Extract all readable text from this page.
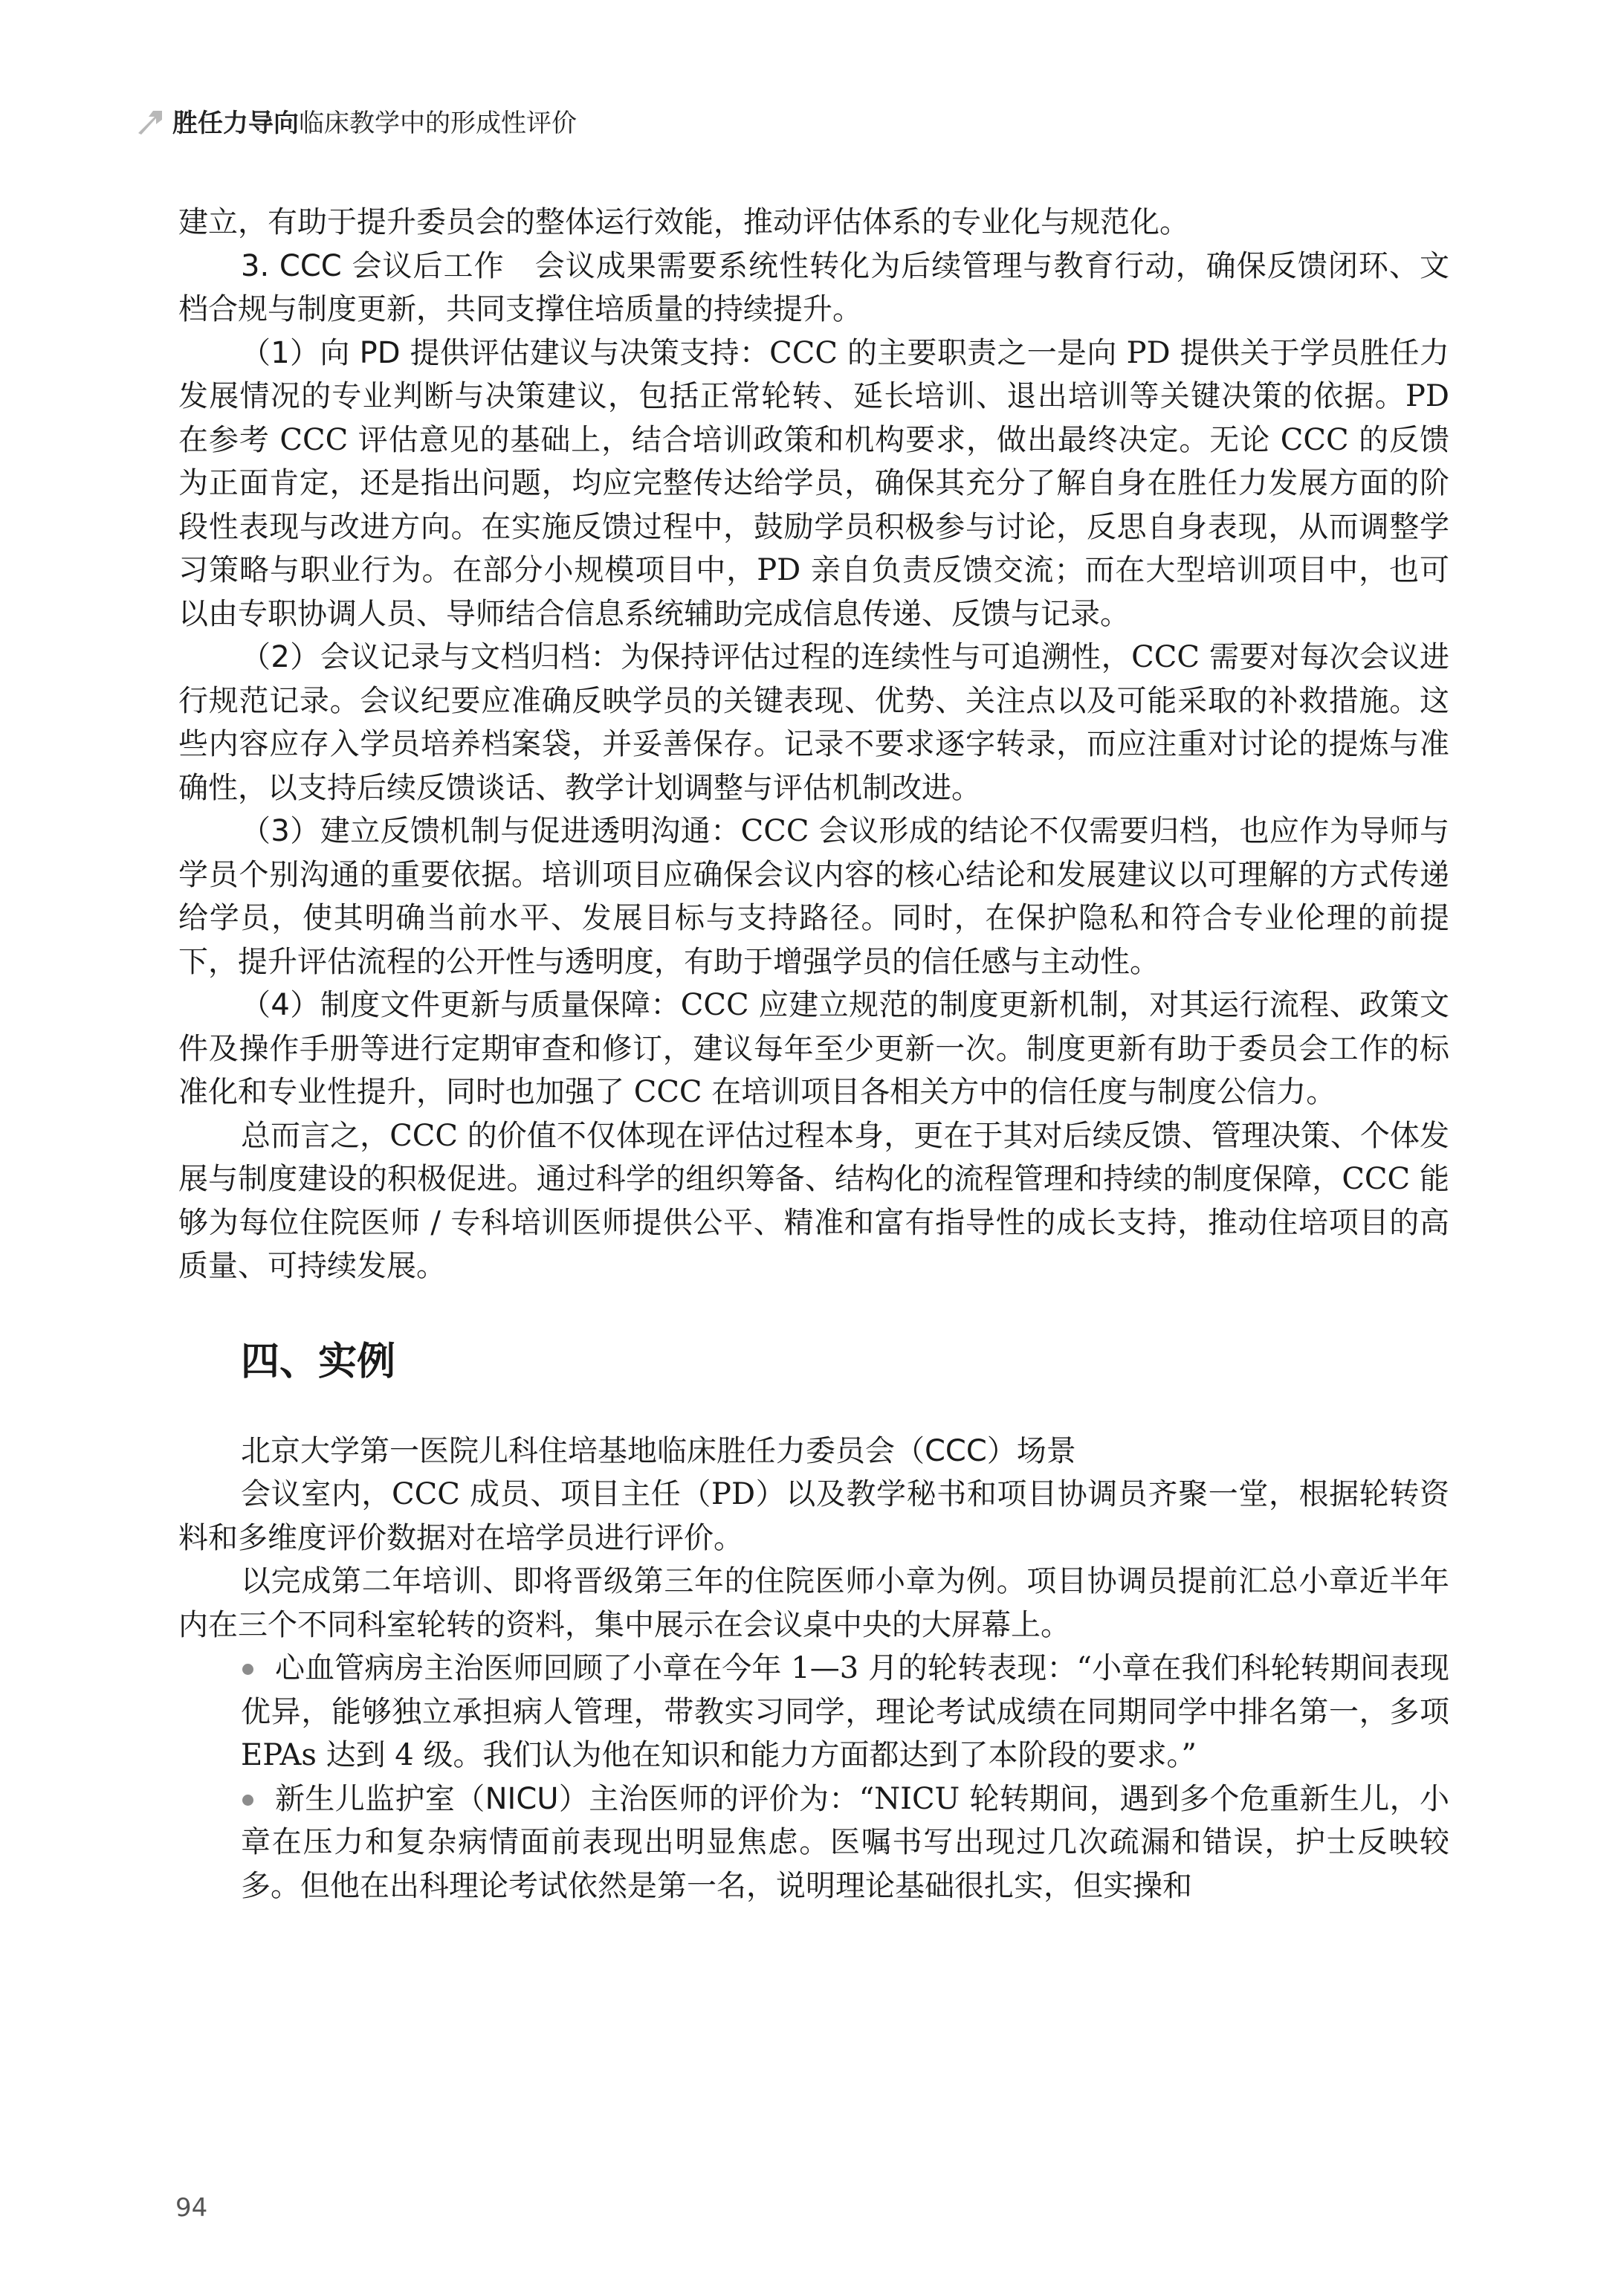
胜任力导向临床教学中的形成性评价

建立，有助于提升委员会的整体运行效能，推动评估体系的专业化与规范化。

3. CCC 会议后工作　会议成果需要系统性转化为后续管理与教育行动，确保反馈闭环、文档合规与制度更新，共同支撑住培质量的持续提升。

（1）向 PD 提供评估建议与决策支持：CCC 的主要职责之一是向 PD 提供关于学员胜任力发展情况的专业判断与决策建议，包括正常轮转、延长培训、退出培训等关键决策的依据。PD 在参考 CCC 评估意见的基础上，结合培训政策和机构要求，做出最终决定。无论 CCC 的反馈为正面肯定，还是指出问题，均应完整传达给学员，确保其充分了解自身在胜任力发展方面的阶段性表现与改进方向。在实施反馈过程中，鼓励学员积极参与讨论，反思自身表现，从而调整学习策略与职业行为。在部分小规模项目中，PD 亲自负责反馈交流；而在大型培训项目中，也可以由专职协调人员、导师结合信息系统辅助完成信息传递、反馈与记录。

（2）会议记录与文档归档：为保持评估过程的连续性与可追溯性，CCC 需要对每次会议进行规范记录。会议纪要应准确反映学员的关键表现、优势、关注点以及可能采取的补救措施。这些内容应存入学员培养档案袋，并妥善保存。记录不要求逐字转录，而应注重对讨论的提炼与准确性，以支持后续反馈谈话、教学计划调整与评估机制改进。

（3）建立反馈机制与促进透明沟通：CCC 会议形成的结论不仅需要归档，也应作为导师与学员个别沟通的重要依据。培训项目应确保会议内容的核心结论和发展建议以可理解的方式传递给学员，使其明确当前水平、发展目标与支持路径。同时，在保护隐私和符合专业伦理的前提下，提升评估流程的公开性与透明度，有助于增强学员的信任感与主动性。

（4）制度文件更新与质量保障：CCC 应建立规范的制度更新机制，对其运行流程、政策文件及操作手册等进行定期审查和修订，建议每年至少更新一次。制度更新有助于委员会工作的标准化和专业性提升，同时也加强了 CCC 在培训项目各相关方中的信任度与制度公信力。

总而言之，CCC 的价值不仅体现在评估过程本身，更在于其对后续反馈、管理决策、个体发展与制度建设的积极促进。通过科学的组织筹备、结构化的流程管理和持续的制度保障，CCC 能够为每位住院医师 / 专科培训医师提供公平、精准和富有指导性的成长支持，推动住培项目的高质量、可持续发展。

四、实例
北京大学第一医院儿科住培基地临床胜任力委员会（CCC）场景

会议室内，CCC 成员、项目主任（PD）以及教学秘书和项目协调员齐聚一堂，根据轮转资料和多维度评价数据对在培学员进行评价。

以完成第二年培训、即将晋级第三年的住院医师小章为例。项目协调员提前汇总小章近半年内在三个不同科室轮转的资料，集中展示在会议桌中央的大屏幕上。

心血管病房主治医师回顾了小章在今年 1—3 月的轮转表现：“小章在我们科轮转期间表现优异，能够独立承担病人管理，带教实习同学，理论考试成绩在同期同学中排名第一，多项 EPAs 达到 4 级。我们认为他在知识和能力方面都达到了本阶段的要求。”

新生儿监护室（NICU）主治医师的评价为：“NICU 轮转期间，遇到多个危重新生儿，小章在压力和复杂病情面前表现出明显焦虑。医嘱书写出现过几次疏漏和错误，护士反映较多。但他在出科理论考试依然是第一名，说明理论基础很扎实，但实操和

94
